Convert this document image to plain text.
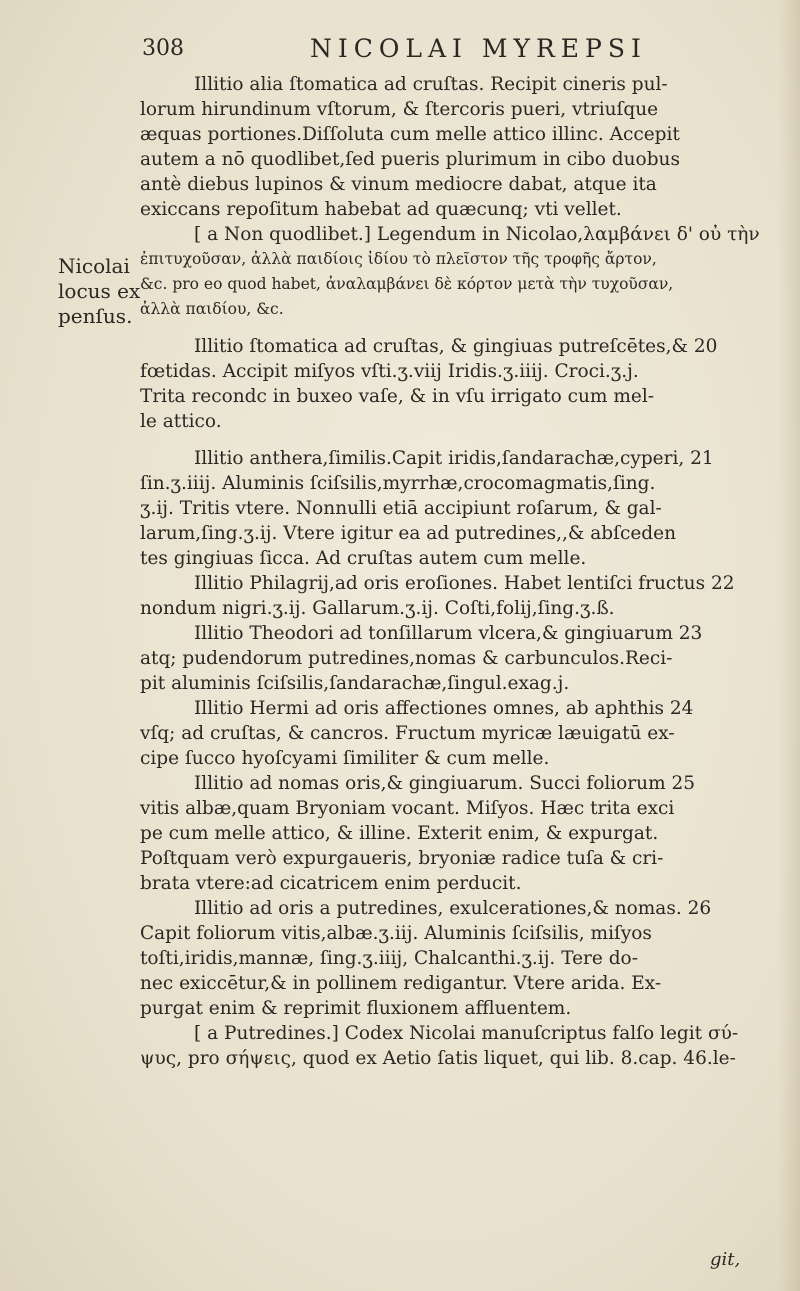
308	NICOLAI MYREPSI
Nicolai
locus ex
penſus.
Illitio alia ſtomatica ad cruſtas. Recipit cineris pul-
lorum hirundinum vſtorum, & ſtercoris pueri, vtriuſque
æquas portiones.Diſſoluta cum melle attico illinc. Accepit
autem a nō quodlibet,ſed pueris plurimum in cibo duobus
antè diebus lupinos & vinum mediocre dabat, atque ita
exiccans repoſitum habebat ad quæcunq; vti vellet.
[ a Non quodlibet.] Legendum in Nicolao,λαμβάνει δ' οὐ τὴν
ἐπιτυχοῦσαν, ἀλλὰ παιδίοις ἰδίου τὸ πλεῖστον τῆς τροφῆς ἄρτον,
&c. pro eo quod habet, ἀναλαμβάνει δὲ κόρτον μετὰ τὴν τυχοῦσαν,
ἀλλὰ παιδίου, &c.
Illitio ſtomatica ad cruſtas, & gingiuas putreſcētes,& 20
fœtidas. Accipit miſyos vſti.ʒ.viij Iridis.ʒ.iiij. Croci.ʒ.j.
Trita recondc in buxeo vaſe, & in vſu irrigato cum mel-
le attico.
Illitio anthera,ſimilis.Capit iridis,ſandarachæ,cyperi, 21
ſin.ʒ.iiij. Aluminis ſciſsilis,myrrhæ,crocomagmatis,ſing.
ʒ.ij. Tritis vtere. Nonnulli etiā accipiunt roſarum, & gal-
larum,ſing.ʒ.ij. Vtere igitur ea ad putredines,,& abſceden
tes gingiuas ſicca. Ad cruſtas autem cum melle.
Illitio Philagrij,ad oris eroſiones. Habet lentiſci fructus 22
nondum nigri.ʒ.ij. Gallarum.ʒ.ij. Coſti,folij,ſing.ʒ.ß.
Illitio Theodori ad tonſillarum vlcera,& gingiuarum 23
atq; pudendorum putredines,nomas & carbunculos.Reci-
pit aluminis ſciſsilis,ſandarachæ,ſingul.exag.j.
Illitio Hermi ad oris affectiones omnes, ab aphthis 24
vſq; ad cruſtas, & cancros. Fructum myricæ læuigatū ex-
cipe ſucco hyoſcyami ſimiliter & cum melle.
Illitio ad nomas oris,& gingiuarum. Succi foliorum 25
vitis albæ,quam Bryoniam vocant. Miſyos. Hæc trita exci
pe cum melle attico, & illine. Exterit enim, & expurgat.
Poſtquam verò expurgaueris, bryoniæ radice tuſa & cri-
brata vtere:ad cicatricem enim perducit.
Illitio ad oris a putredines, exulcerationes,& nomas. 26
Capit foliorum vitis,albæ.ʒ.iij. Aluminis ſciſsilis, miſyos
toſti,iridis,mannæ, ſing.ʒ.iiij, Chalcanthi.ʒ.ij. Tere do-
nec exiccētur,& in pollinem redigantur. Vtere arida. Ex-
purgat enim & reprimit fluxionem affluentem.
[ a Putredines.] Codex Nicolai manuſcriptus falſo legit σύ-
ψυς, pro σήψεις, quod ex Aetio ſatis liquet, qui lib. 8.cap. 46.le-
git,
